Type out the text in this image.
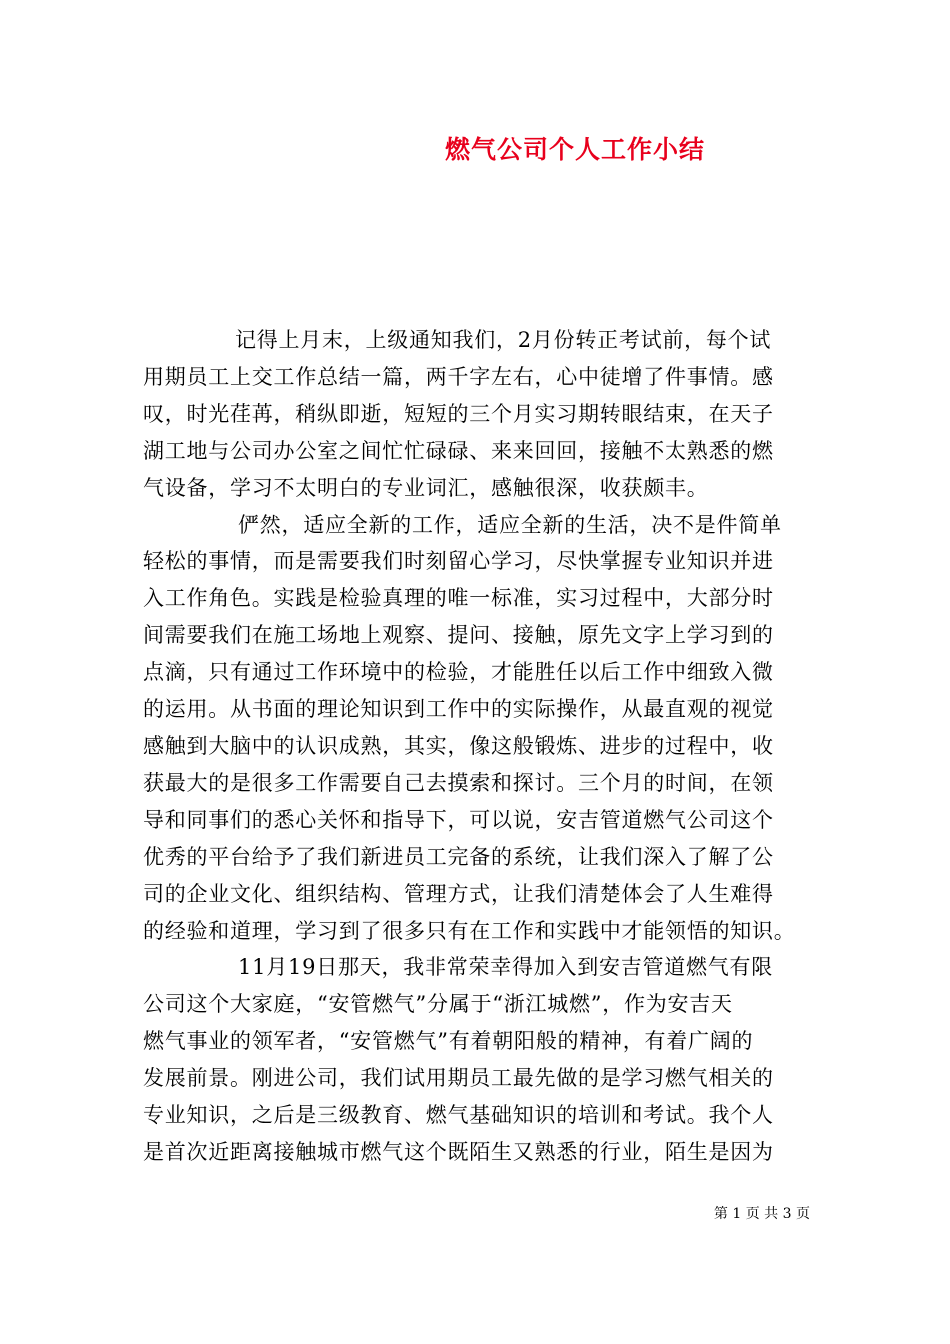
燃气公司个人工作小结
记得上月末，上级通知我们，2月份转正考试前，每个试
用期员工上交工作总结一篇，两千字左右，心中徒增了件事情。感
叹，时光荏苒，稍纵即逝，短短的三个月实习期转眼结束，在天子
湖工地与公司办公室之间忙忙碌碌、来来回回，接触不太熟悉的燃
气设备，学习不太明白的专业词汇，感触很深，收获颇丰。
俨然，适应全新的工作，适应全新的生活，决不是件简单
轻松的事情，而是需要我们时刻留心学习，尽快掌握专业知识并进
入工作角色。实践是检验真理的唯一标准，实习过程中，大部分时
间需要我们在施工场地上观察、提问、接触，原先文字上学习到的
点滴，只有通过工作环境中的检验，才能胜任以后工作中细致入微
的运用。从书面的理论知识到工作中的实际操作，从最直观的视觉
感触到大脑中的认识成熟，其实，像这般锻炼、进步的过程中，收
获最大的是很多工作需要自己去摸索和探讨。三个月的时间，在领
导和同事们的悉心关怀和指导下，可以说，安吉管道燃气公司这个
优秀的平台给予了我们新进员工完备的系统，让我们深入了解了公
司的企业文化、组织结构、管理方式，让我们清楚体会了人生难得
的经验和道理，学习到了很多只有在工作和实践中才能领悟的知识。
11月19日那天，我非常荣幸得加入到安吉管道燃气有限
公司这个大家庭，“安管燃气”分属于“浙江城燃”，作为安吉天
燃气事业的领军者，“安管燃气”有着朝阳般的精神，有着广阔的
发展前景。刚进公司，我们试用期员工最先做的是学习燃气相关的
专业知识，之后是三级教育、燃气基础知识的培训和考试。我个人
是首次近距离接触城市燃气这个既陌生又熟悉的行业，陌生是因为
第 1 页 共 3 页
